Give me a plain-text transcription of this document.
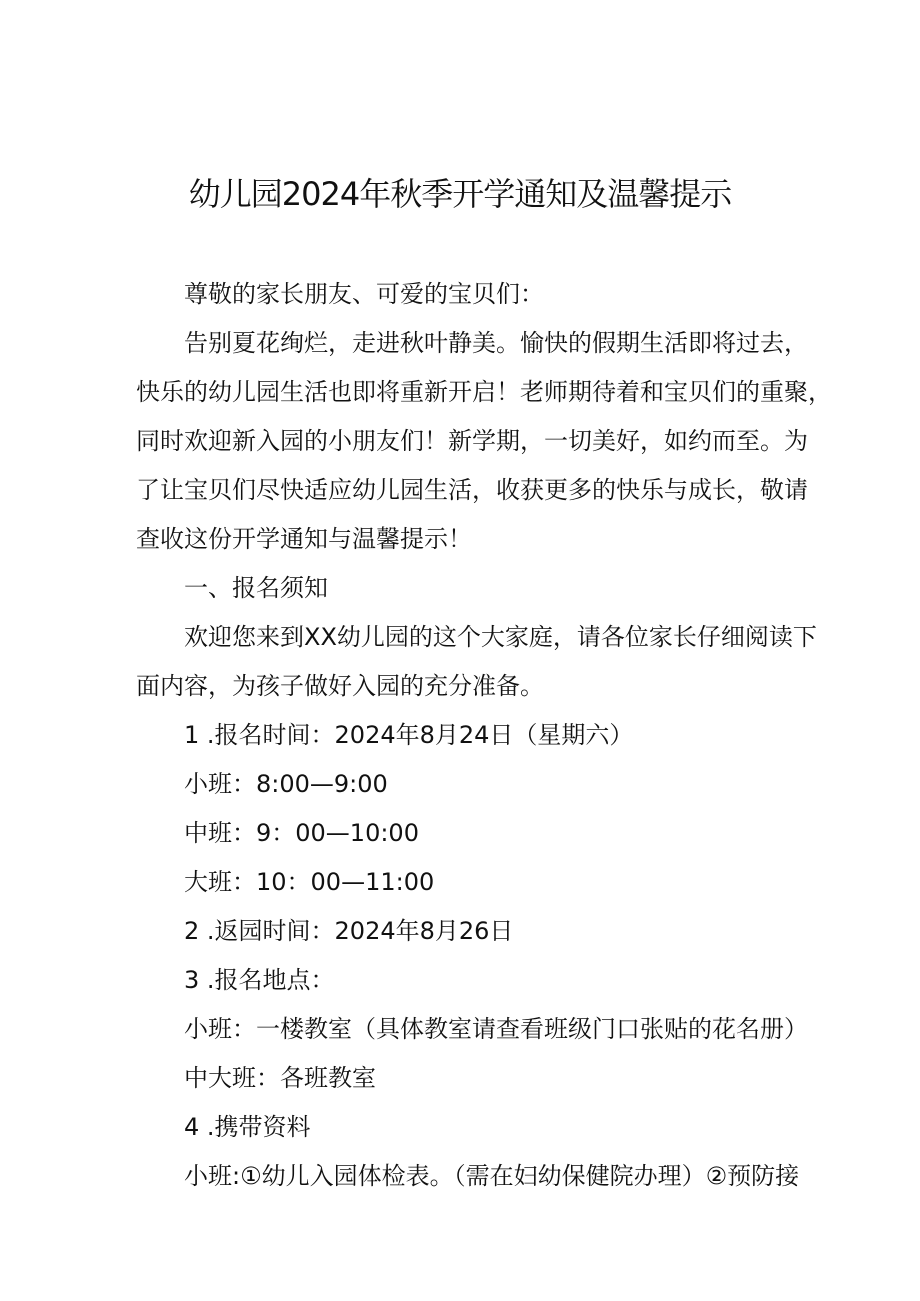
幼儿园2024年秋季开学通知及温馨提示

尊敬的家长朋友、可爱的宝贝们：

告别夏花绚烂，走进秋叶静美。愉快的假期生活即将过去，

快乐的幼儿园生活也即将重新开启！老师期待着和宝贝们的重聚，

同时欢迎新入园的小朋友们！新学期，一切美好，如约而至。为

了让宝贝们尽快适应幼儿园生活，收获更多的快乐与成长，敬请

查收这份开学通知与温馨提示！

一、报名须知

欢迎您来到XX幼儿园的这个大家庭，请各位家长仔细阅读下

面内容，为孩子做好入园的充分准备。

1 .报名时间：2024年8月24日（星期六）

小班：8:00—9:00

中班：9：00—10:00

大班：10：00—11:00

2 .返园时间：2024年8月26日

3 .报名地点：

小班：一楼教室（具体教室请查看班级门口张贴的花名册）

中大班：各班教室

4 .携带资料

小班:①幼儿入园体检表。（需在妇幼保健院办理）②预防接
